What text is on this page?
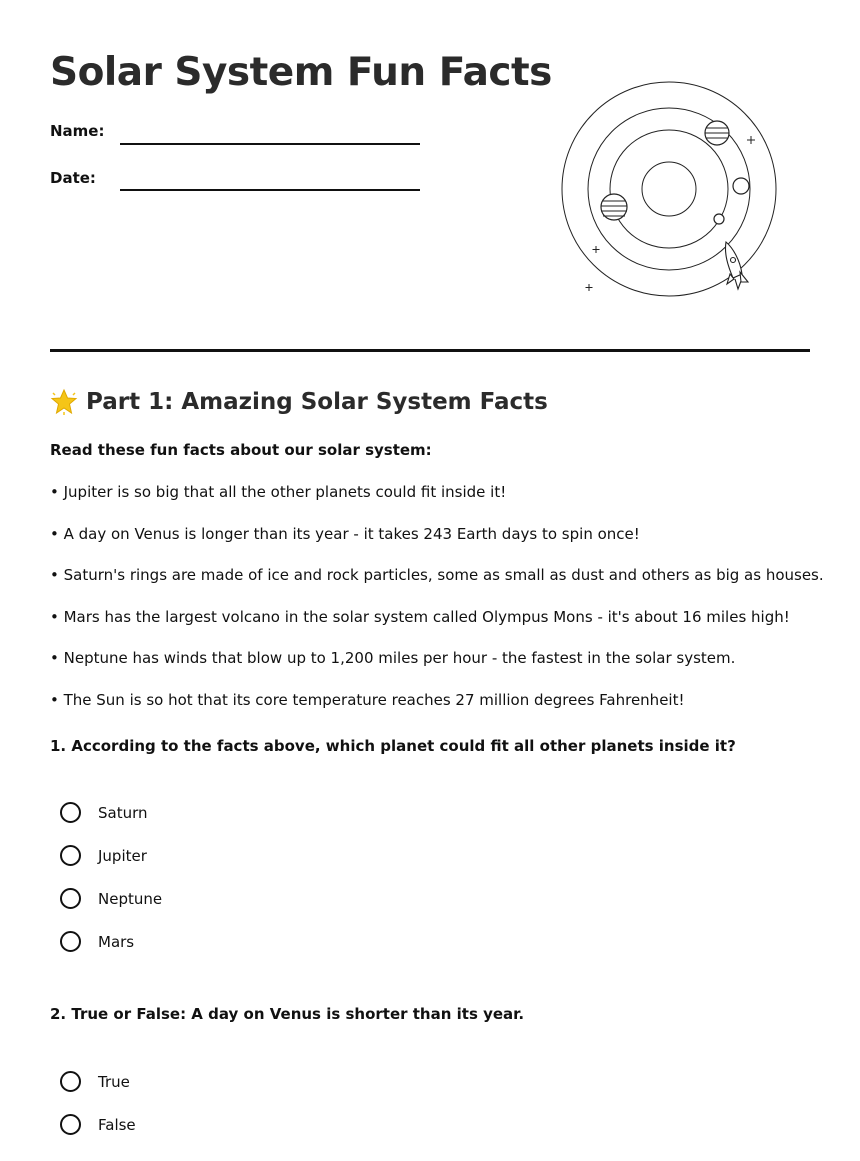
Solar System Fun Facts
Name:
Date:
Part 1: Amazing Solar System Facts
Read these fun facts about our solar system:
• Jupiter is so big that all the other planets could fit inside it!
• A day on Venus is longer than its year - it takes 243 Earth days to spin once!
• Saturn's rings are made of ice and rock particles, some as small as dust and others as big as houses.
• Mars has the largest volcano in the solar system called Olympus Mons - it's about 16 miles high!
• Neptune has winds that blow up to 1,200 miles per hour - the fastest in the solar system.
• The Sun is so hot that its core temperature reaches 27 million degrees Fahrenheit!
1. According to the facts above, which planet could fit all other planets inside it?
Saturn
Jupiter
Neptune
Mars
2. True or False: A day on Venus is shorter than its year.
True
False
